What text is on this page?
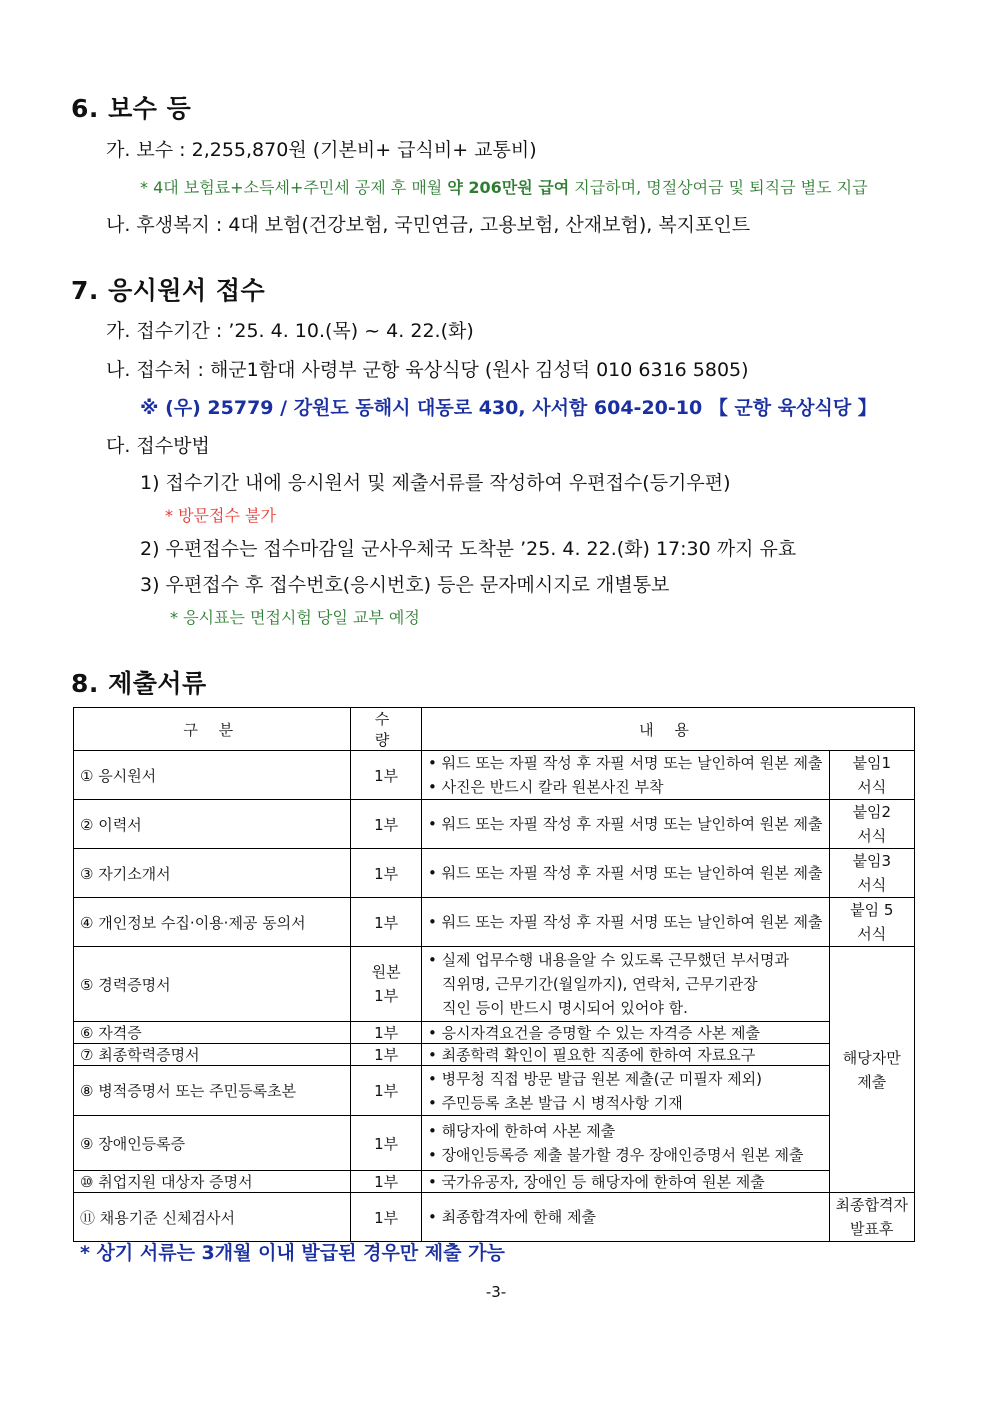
6. 보수 등
가. 보수 : 2,255,870원 (기본비+ 급식비+ 교통비)
* 4대 보험료+소득세+주민세 공제 후 매월 약 206만원 급여 지급하며, 명절상여금 및 퇴직금 별도 지급
나. 후생복지 : 4대 보험(건강보험, 국민연금, 고용보험, 산재보험), 복지포인트
7. 응시원서 접수
가. 접수기간 : ’25. 4. 10.(목) ~ 4. 22.(화)
나. 접수처 : 해군1함대 사령부 군항 육상식당 (원사 김성덕 010 6316 5805)
※ (우) 25779 / 강원도 동해시 대동로 430, 사서함 604-20-10 【 군항 육상식당 】
다. 접수방법
1) 접수기간 내에 응시원서 및 제출서류를 작성하여 우편접수(등기우편)
* 방문접수 불가
2) 우편접수는 접수마감일 군사우체국 도착분 ’25. 4. 22.(화) 17:30 까지 유효
3) 우편접수 후 접수번호(응시번호) 등은 문자메시지로 개별통보
* 응시표는 면접시험 당일 교부 예정
8. 제출서류
구 분	수 량	내 용	
① 응시원서	1부	• 워드 또는 자필 작성 후 자필 서명 또는 날인하여 원본 제출
• 사진은 반드시 칼라 원본사진 부착	붙임1
서식

② 이력서	1부	• 워드 또는 자필 작성 후 자필 서명 또는 날인하여 원본 제출	붙임2
서식

③ 자기소개서	1부	• 워드 또는 자필 작성 후 자필 서명 또는 날인하여 원본 제출	붙임3
서식

④ 개인정보 수집·이용·제공 동의서	1부	• 워드 또는 자필 작성 후 자필 서명 또는 날인하여 원본 제출	붙임 5
서식

⑤ 경력증명서	원본
1부	• 실제 업무수행 내용을알 수 있도록 근무했던 부서명과
직위명, 근무기간(월일까지), 연락처, 근무기관장
직인 등이 반드시 명시되어 있어야 함.	해당자만
제출

⑥ 자격증	1부	• 응시자격요건을 증명할 수 있는 자격증 사본 제출	

⑦ 최종학력증명서	1부	• 최종학력 확인이 필요한 직종에 한하여 자료요구	

⑧ 병적증명서 또는 주민등록초본	1부	• 병무청 직접 방문 발급 원본 제출(군 미필자 제외)
• 주민등록 초본 발급 시 병적사항 기재	

⑨ 장애인등록증	1부	• 해당자에 한하여 사본 제출
• 장애인등록증 제출 불가할 경우 장애인증명서 원본 제출	

⑩ 취업지원 대상자 증명서	1부	• 국가유공자, 장애인 등 해당자에 한하여 원본 제출	

⑪ 채용기준 신체검사서	1부	• 최종합격자에 한해 제출	최종합격자
발표후
* 상기 서류는 3개월 이내 발급된 경우만 제출 가능
-3-
